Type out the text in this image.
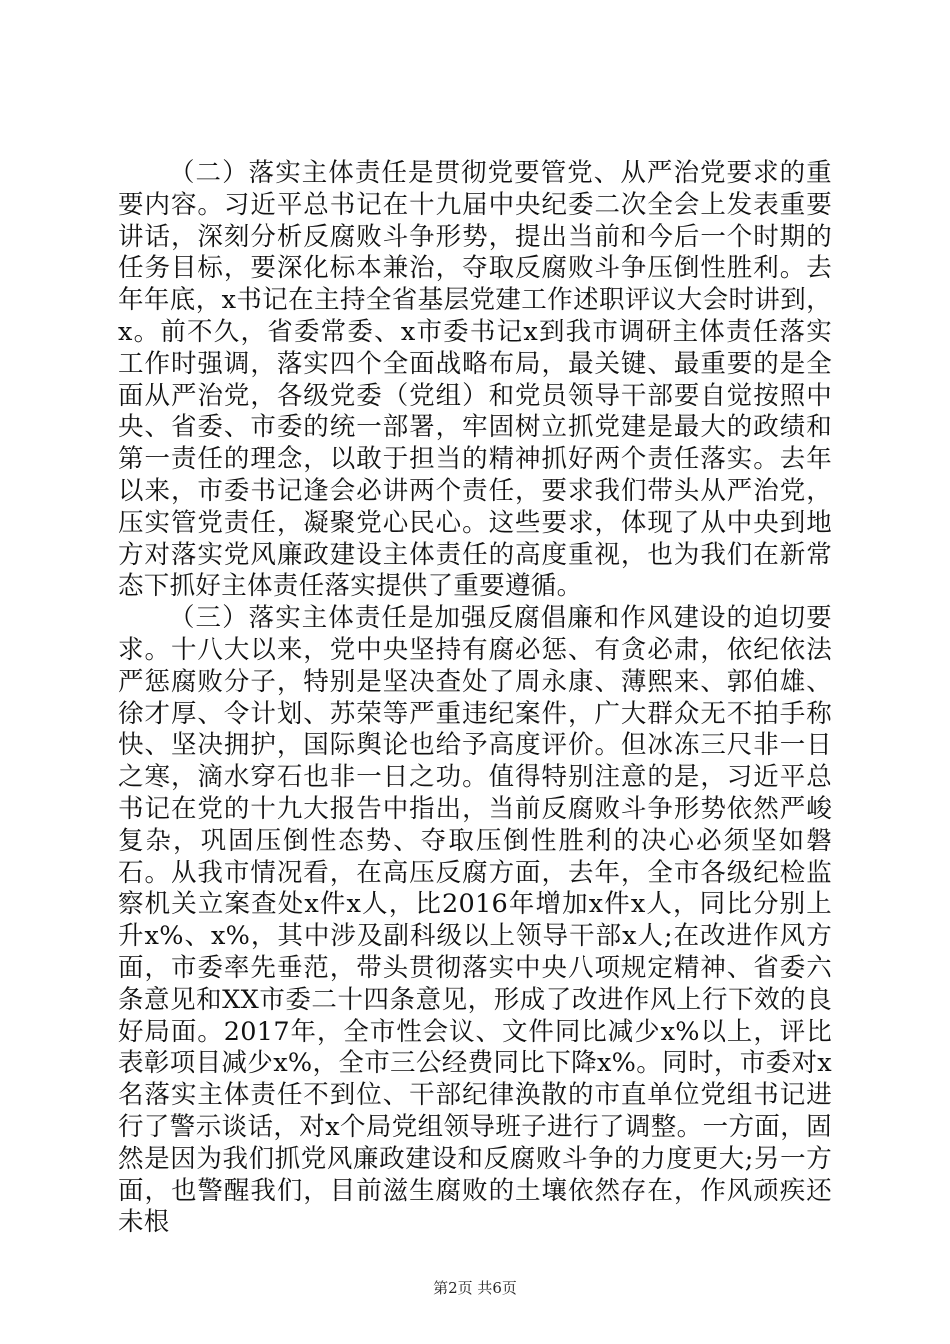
（二）落实主体责任是贯彻党要管党、从严治党要求的重要内容。习近平总书记在十九届中央纪委二次全会上发表重要讲话，深刻分析反腐败斗争形势，提出当前和今后一个时期的任务目标，要深化标本兼治，夺取反腐败斗争压倒性胜利。去年年底，x书记在主持全省基层党建工作述职评议大会时讲到，x。前不久，省委常委、x市委书记x到我市调研主体责任落实工作时强调，落实四个全面战略布局，最关键、最重要的是全面从严治党，各级党委（党组）和党员领导干部要自觉按照中央、省委、市委的统一部署，牢固树立抓党建是最大的政绩和第一责任的理念，以敢于担当的精神抓好两个责任落实。去年以来，市委书记逢会必讲两个责任，要求我们带头从严治党，压实管党责任，凝聚党心民心。这些要求，体现了从中央到地方对落实党风廉政建设主体责任的高度重视，也为我们在新常态下抓好主体责任落实提供了重要遵循。

（三）落实主体责任是加强反腐倡廉和作风建设的迫切要求。十八大以来，党中央坚持有腐必惩、有贪必肃，依纪依法严惩腐败分子，特别是坚决查处了周永康、薄熙来、郭伯雄、徐才厚、令计划、苏荣等严重违纪案件，广大群众无不拍手称快、坚决拥护，国际舆论也给予高度评价。但冰冻三尺非一日之寒，滴水穿石也非一日之功。值得特别注意的是，习近平总书记在党的十九大报告中指出，当前反腐败斗争形势依然严峻复杂，巩固压倒性态势、夺取压倒性胜利的决心必须坚如磐石。从我市情况看，在高压反腐方面，去年，全市各级纪检监察机关立案查处x件x人，比2016年增加x件x人，同比分别上升x%、x%，其中涉及副科级以上领导干部x人;在改进作风方面，市委率先垂范，带头贯彻落实中央八项规定精神、省委六条意见和XX市委二十四条意见，形成了改进作风上行下效的良好局面。2017年，全市性会议、文件同比减少x%以上，评比表彰项目减少x%，全市三公经费同比下降x%。同时，市委对x名落实主体责任不到位、干部纪律涣散的市直单位党组书记进行了警示谈话，对x个局党组领导班子进行了调整。一方面，固然是因为我们抓党风廉政建设和反腐败斗争的力度更大;另一方面，也警醒我们，目前滋生腐败的土壤依然存在，作风顽疾还未根

第2页 共6页
